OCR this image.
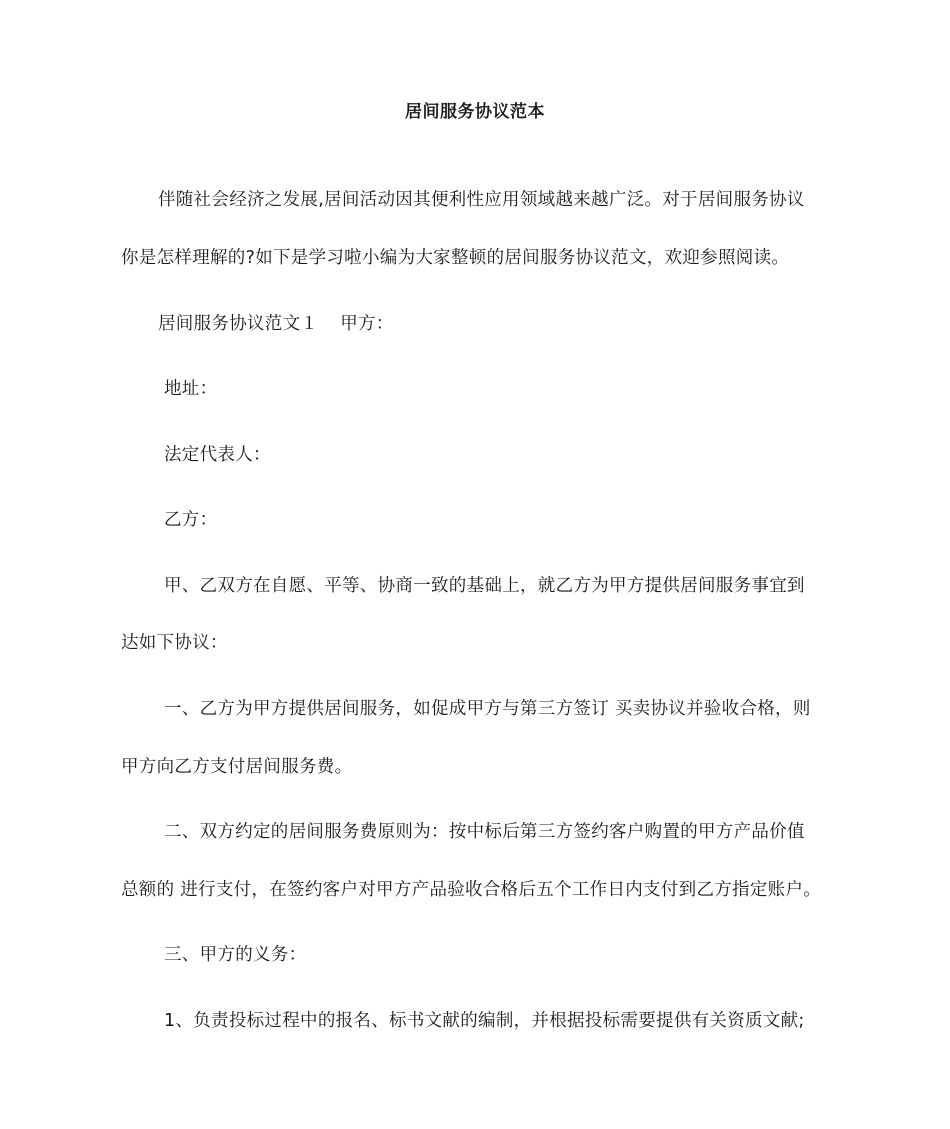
居间服务协议范本
伴随社会经济之发展,居间活动因其便利性应用领域越来越广泛。对于居间服务协议
你是怎样理解的?如下是学习啦小编为大家整顿的居间服务协议范文，欢迎参照阅读。
居间服务协议范文１ 甲方：
地址：
法定代表人：
乙方：
甲、乙双方在自愿、平等、协商一致的基础上，就乙方为甲方提供居间服务事宜到
达如下协议：
一、乙方为甲方提供居间服务，如促成甲方与第三方签订 买卖协议并验收合格，则
甲方向乙方支付居间服务费。
二、双方约定的居间服务费原则为：按中标后第三方签约客户购置的甲方产品价值
总额的 进行支付，在签约客户对甲方产品验收合格后五个工作日内支付到乙方指定账户。
三、甲方的义务：
1、负责投标过程中的报名、标书文献的编制，并根据投标需要提供有关资质文献;
